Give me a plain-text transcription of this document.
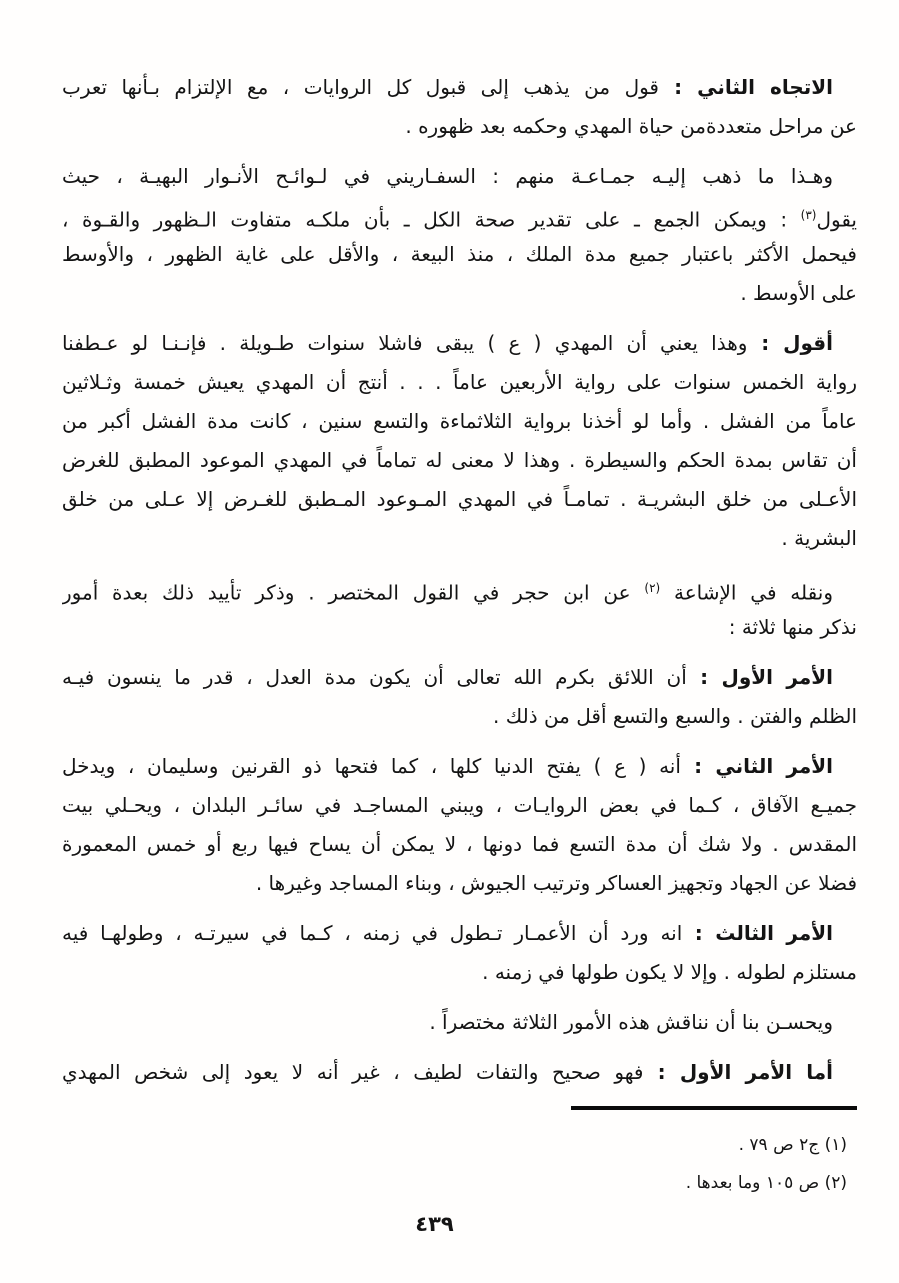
الاتجاه الثاني : قول من يذهب إلى قبول كل الروايات ، مع الإلتزام بـأنها تعرب
عن مراحل متعددةمن حياة المهدي وحكمه بعد ظهوره .
وهـذا ما ذهب إليـه جمـاعـة منهم : السفـاريني في لـوائـح الأنـوار البهيـة ، حيث
يقول$^{(٣)}$ : ويمكن الجمع ـ على تقدير صحة الكل ـ بأن ملكـه متفاوت الـظهور والقـوة ،
فيحمل الأكثر باعتبار جميع مدة الملك ، منذ البيعة ، والأقل على غاية الظهور ، والأوسط
على الأوسط .
أقول : وهذا يعني أن المهدي ( ع ) يبقى فاشلا سنوات طـويلة . فإنـنـا لو عـطفنا
رواية الخمس سنوات على رواية الأربعين عاماً . . . أنتج أن المهدي يعيش خمسة وثـلاثين
عاماً من الفشل . وأما لو أخذنا برواية الثلاثماءة والتسع سنين ، كانت مدة الفشل أكبر من
أن تقاس بمدة الحكم والسيطرة . وهذا لا معنى له تماماً في المهدي الموعود المطبق للغرض
الأعـلى من خلق البشريـة . تمامـاً في المهدي المـوعود المـطبق للغـرض إلا عـلى من خلق
البشرية .
ونقله في الإشاعة $^{(٢)}$ عن ابن حجر في القول المختصر . وذكر تأييد ذلك بعدة أمور
نذكر منها ثلاثة :
الأمر الأول : أن اللائق بكرم الله تعالى أن يكون مدة العدل ، قدر ما ينسون فيـه
الظلم والفتن . والسبع والتسع أقل من ذلك .
الأمر الثاني : أنه ( ع ) يفتح الدنيا كلها ، كما فتحها ذو القرنين وسليمان ، ويدخل
جميـع الآفاق ، كـما في بعض الروايـات ، ويبني المساجـد في سائـر البلدان ، ويحـلي بيت
المقدس . ولا شك أن مدة التسع فما دونها ، لا يمكن أن يساح فيها ربع أو خمس المعمورة
فضلا عن الجهاد وتجهيز العساكر وترتيب الجيوش ، وبناء المساجد وغيرها .
الأمر الثالث : انه ورد أن الأعمـار تـطول في زمنه ، كـما في سيرتـه ، وطولهـا فيه
مستلزم لطوله . وإلا لا يكون طولها في زمنه .
ويحسـن بنا أن نناقش هذه الأمور الثلاثة مختصراً .
أما الأمر الأول : فهو صحيح والتفات لطيف ، غير أنه لا يعود إلى شخص المهدي
(١) ج٢ ص ٧٩ .
(٢) ص ١٠٥ وما بعدها .
٤٣٩
